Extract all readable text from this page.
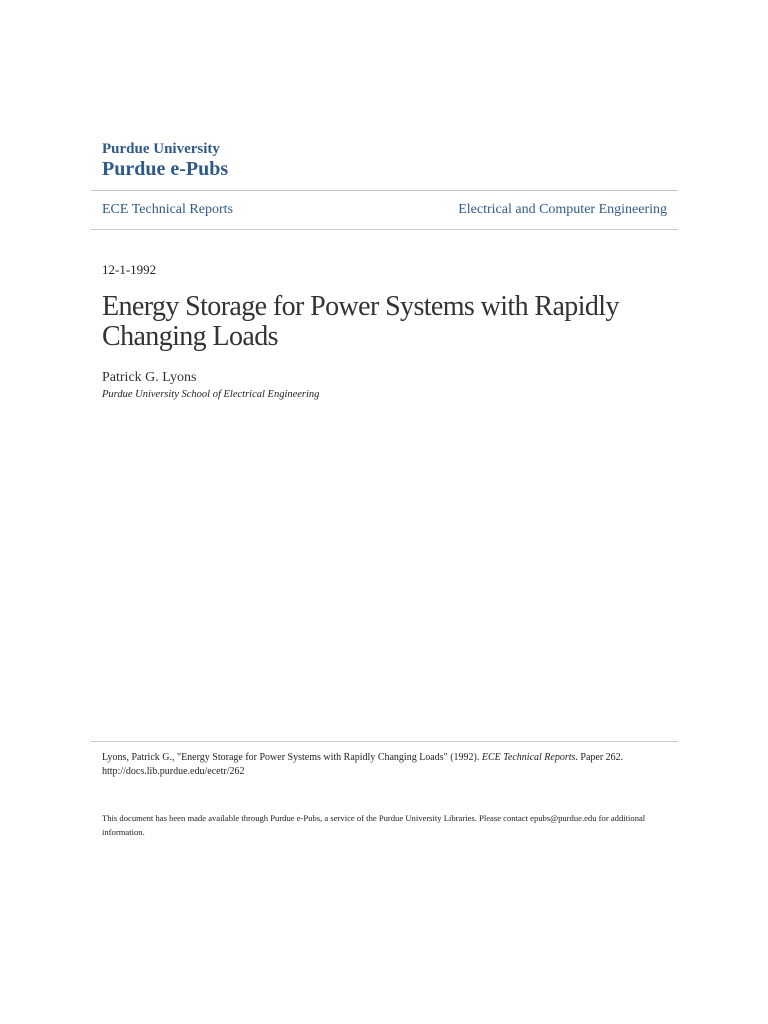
Purdue University
Purdue e-Pubs
ECE Technical Reports	Electrical and Computer Engineering
12-1-1992
Energy Storage for Power Systems with Rapidly Changing Loads
Patrick G. Lyons
Purdue University School of Electrical Engineering
Lyons, Patrick G., "Energy Storage for Power Systems with Rapidly Changing Loads" (1992). ECE Technical Reports. Paper 262.
http://docs.lib.purdue.edu/ecetr/262
This document has been made available through Purdue e-Pubs, a service of the Purdue University Libraries. Please contact epubs@purdue.edu for additional information.
